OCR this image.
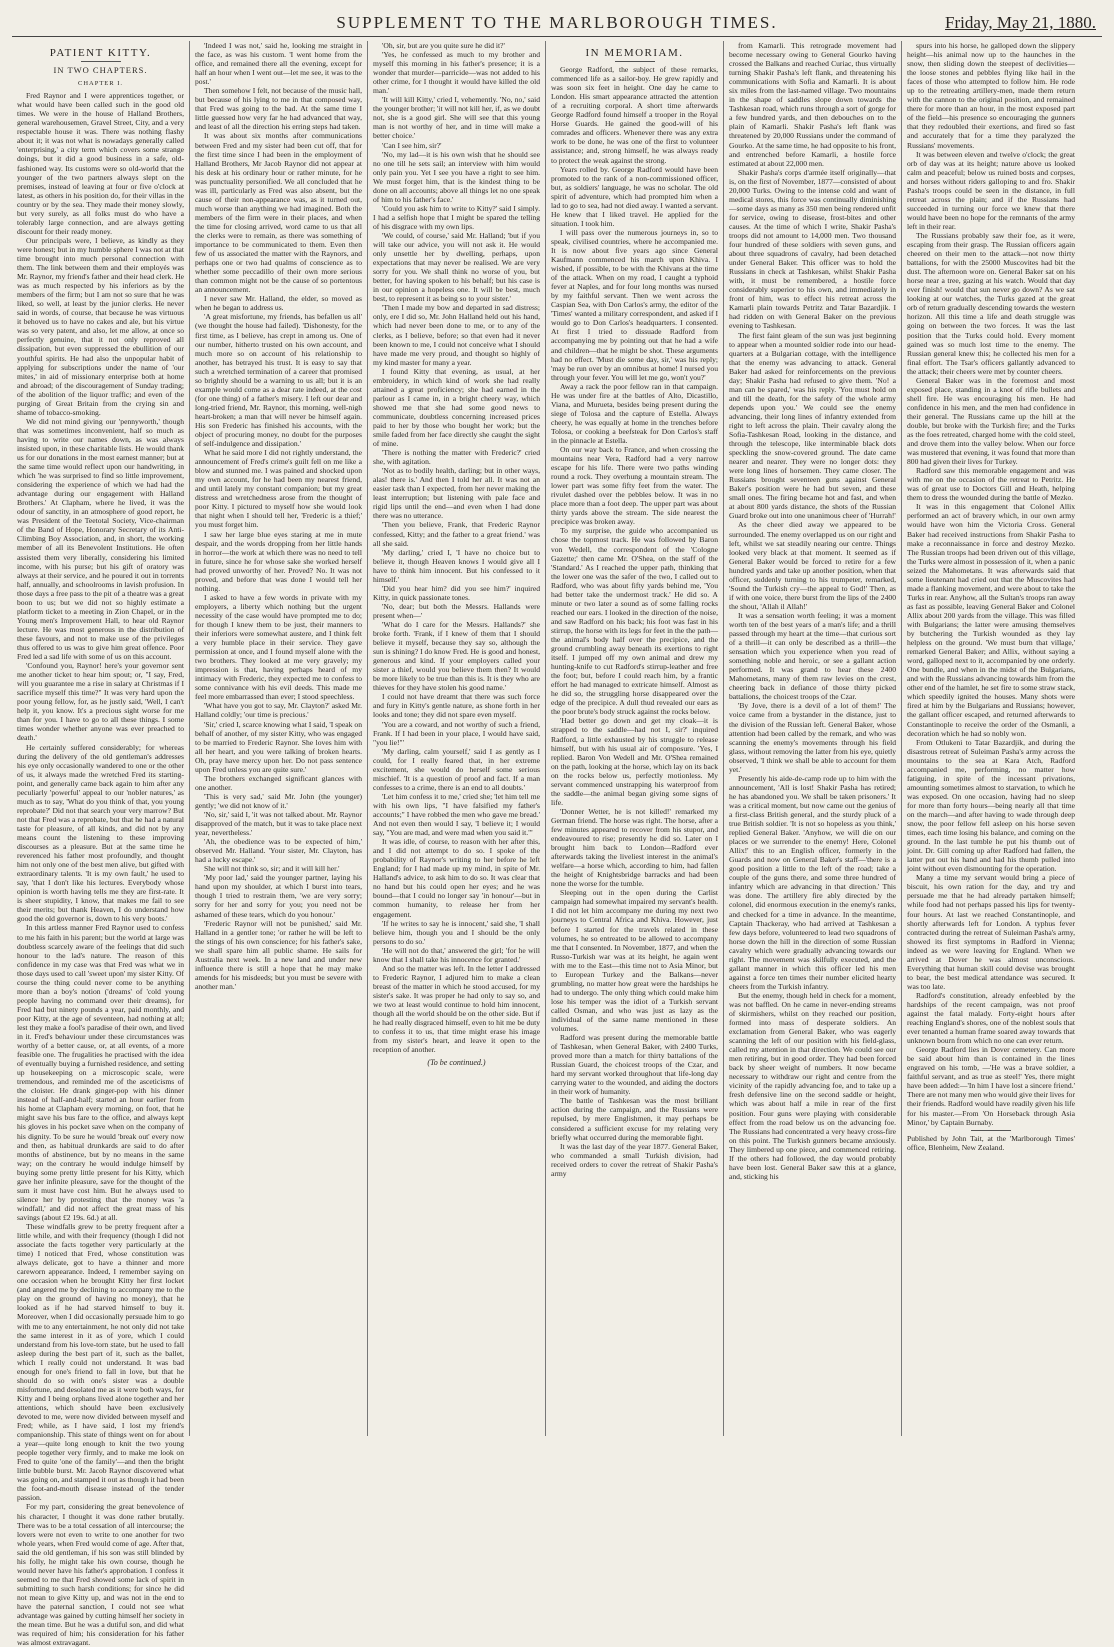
SUPPLEMENT TO THE MARLBOROUGH TIMES.	Friday, May 21, 1880.
PATIENT KITTY.
IN TWO CHAPTERS.
CHAPTER I.

Fred Raynor and I were apprentices together, or what would have been called such in the good old times. We were in the house of Halland Brothers, general warehousemen, Gravel Street, City, and a very respectable house it was. There was nothing flashy about it; it was not what is nowadays generally called 'enterprising,' a city term which covers some strange doings, but it did a good business in a safe, old-fashioned way. Its customs were so old-world that the younger of the two partners always slept on the premises, instead of leaving at four or five o'clock at latest, as others in his position do, for their villas in the country or by the sea. They made their money slowly, but very surely, as all folks must do who have a tolerably large connection, and are always getting discount for their ready money.

Our principals were, I believe, as kindly as they were honest; but in my humble sphere I was not at that time brought into much personal connection with them. The link between them and their employés was Mr. Raynor, my friend's father and their head clerk. He was as much respected by his inferiors as by the members of the firm; but I am not so sure that he was liked, so well, at least by the junior clerks. He never said in words, of course, that because he was virtuous it behoved us to have no cakes and ale, but his virtue was so very patent, and also, let me allow, at once so perfectly genuine, that it not only reproved all dissipation, but even suppressed the ebullition of our youthful spirits. He had also the unpopular habit of applying for subscriptions under the name of 'our mites,' in aid of missionary enterprise both at home and abroad; of the discouragement of Sunday trading; of the abolition of the liquor traffic; and even of the purging of Great Britain from the crying sin and shame of tobacco-smoking.

We did not mind giving our 'pennyworth,' though that was sometimes inconvenient, half so much as having to write our names down, as was always insisted upon, in these charitable lists. He would thank us for our donations in the most earnest manner; but at the same time would reflect upon our handwriting, in which 'he was surprised to find so little improvement, considering the experience of which we had had the advantage during our engagement with Halland Brothers.' At Clapham, where he lived, it was the odour of sanctity, in an atmosphere of good report, he was President of the Teetotal Society, Vice-chairman of the Band of Hope, Honorary Secretary of its Anti-Climbing Boy Association, and, in short, the working member of all its Benevolent Institutions. He often assisted them very liberally, considering his limited income, with his purse; but his gift of oratory was always at their service, and he poured it out in torrents half, annually, and schoolrooms in lavish profusion. In those days a free pass to the pit of a theatre was a great boon to us; but we did not so highly estimate a platform ticket to a meeting in Zion Chapel, or in the Young men's Improvement Hall, to hear old Raynor lecture. He was most generous in the distribution of these favours, and not to make use of the privileges thus offered to us was to give him great offence. Poor Fred led a sad life with some of us on this account.

'Confound you, Raynor! here's your governor sent me another ticket to hear him spout; or, "I say, Fred, will you guarantee me a rise in salary at Christmas if I sacrifice myself this time?" It was very hard upon the poor young fellow, for, as he justly said, 'Well, I can't help it, you know. It's a precious sight worse for me than for you. I have to go to all these things. I some times wonder whether anyone was ever preached to death.'

He certainly suffered considerably; for whereas during the delivery of the old gentleman's addresses his eye only occasionally wandered to one or the other of us, it always made the wretched Fred its starting-point, and generally came back again to him after any peculiarly 'powerful' appeal to our 'nobler natures,' as much as to say, 'What do you think of that, you young reprobate?' Did not that search your very marrow? But not that Fred was a reprobate, but that he had a natural taste for pleasure, of all kinds, and did not by any means count the listening to these improving discourses as a pleasure. But at the same time he reverenced his father most profoundly, and thought him not only one of the best men alive, but gifted with extraordinary talents. 'It is my own fault,' he used to say, 'that I don't like his lectures. Everybody whose opinion is worth having tells me they are first-rate. It is sheer stupidity, I know, that makes me fail to see their merits; but thank Heaven, I do understand how good the old governor is, down to his very boots.'

In this artless manner Fred Raynor used to confess to me his faith in his parent; but the world at large was doubtless scarcely aware of the feelings that did such honour to the lad's nature. The reason of this confidence in my case was that Fred was what we in those days used to call 'sweet upon' my sister Kitty. Of course the thing could never come to be anything more than a boy's notion ('dreams' of 'cold young people having no command over their dreams), for Fred had but ninety pounds a year, paid monthly, and poor Kitty, at the age of seventeen, had nothing at all; lest they make a fool's paradise of their own, and lived in it. Fred's behaviour under these circumstances was worthy of a better cause, or, at all events, of a more feasible one. The frugalities he practised with the idea of eventually buying a furnished residence, and setting up housekeeping on a microscopic scale, were tremendous, and reminded me of the asceticisms of the cloister. He drank ginger-pop with his dinner instead of half-and-half; started an hour earlier from his home at Clapham every morning, on foot, that he might save his bus fare to the office, and always kept his gloves in his pocket save when on the company of his dignity. To be sure he would 'break out' every now and then, as habitual drunkards are said to do after months of abstinence, but by no means in the same way; on the contrary he would indulge himself by buying some pretty little present for his Kitty, which gave her infinite pleasure, save for the thought of the sum it must have cost him. But he always used to silence her by protesting that the money was 'a windfall,' and did not affect the great mass of his savings (about £2 19s. 6d.) at all.

These windfalls grew to be pretty frequent after a little while, and with their frequency (though I did not associate the facts together very particularly at the time) I noticed that Fred, whose constitution was always delicate, got to have a thinner and more careworn appearance. Indeed, I remember saying on one occasion when he brought Kitty her first locket (and angered me by declining to accompany me to the play on the ground of having no money), that he looked as if he had starved himself to buy it. Moreover, when I did occasionally persuade him to go with me to any entertainment, he not only did not take the same interest in it as of yore, which I could understand from his love-torn state, but he used to fall asleep during the best part of it, such as the ballet, which I really could not understand. It was bad enough for one's friend to fall in love, but that he should do so with one's sister was a double misfortune, and desolated me as it were both ways, for Kitty and I being orphans lived alone together and her attentions, which should have been exclusively devoted to me, were now divided between myself and Fred; while, as I have said, I lost my friend's companionship. This state of things went on for about a year—quite long enough to knit the two young people together very firmly, and to make me look on Fred to quite 'one of the family'—and then the bright little bubble burst. Mr. Jacob Raynor discovered what was going on, and stamped it out as though it had been the foot-and-mouth disease instead of the tender passion.

For my part, considering the great benevolence of his character, I thought it was done rather brutally. There was to be a total cessation of all intercourse; the lovers were not even to write to one another for two whole years, when Fred would come of age. After that, said the old gentleman, if his son was still blinded by his folly, he might take his own course, though he would never have his father's approbation. I confess it seemed to me that Fred showed some lack of spirit in submitting to such harsh conditions; for since he did not mean to give Kitty up, and was not in the end to have the paternal sanction, I could not see what advantage was gained by cutting himself her society in the mean time. But he was a dutiful son, and did what was required of him; his consideration for his father was almost extravagant.

'Indeed I was not,' said he, looking me straight in the face, as was his custom. 'I went home from the office, and remained there all the evening, except for half an hour when I went out—let me see, it was to the post.'

Then somehow I felt, not because of the music hall, but because of his lying to me in that composed way, that Fred was going to the bad. At the same time I little guessed how very far he had advanced that way, and least of all the direction his erring steps had taken.

It was about six months after communications between Fred and my sister had been cut off, that for the first time since I had been in the employment of Halland Brothers, Mr Jacob Raynor did not appear at his desk at his ordinary hour or rather minute, for he was punctuality personified. We all concluded that he was ill, particularly as Fred was also absent, but the cause of their non-appearance was, as it turned out, much worse than anything we had imagined. Both the members of the firm were in their places, and when the time for closing arrived, word came to us that all the clerks were to remain, as there was something of importance to be communicated to them. Even then few of us associated the matter with the Raynors, and perhaps one or two had qualms of conscience as to whether some peccadillo of their own more serious than common might not be the cause of so portentous an announcement.

I never saw Mr. Halland, the elder, so moved as when he began to address us.

'A great misfortune, my friends, has befallen us all' (we thought the house had failed). 'Dishonesty, for the first time, as I believe, has crept in among us. One of our number, hitherto trusted on his own account, and much more so on account of his relationship to another, has betrayed his trust. It is easy to say that such a wretched termination of a career that promised so brightly should be a warning to us all; but it is an example would come as a dear rate indeed, at the cost (for one thing) of a father's misery. I left our dear and long-tried friend, Mr. Raynor, this morning, well-nigh heart-broken; a man that will never be himself again. His son Frederic has finished his accounts, with the object of procuring money, no doubt for the purposes of self-indulgence and dissipation.'

What he said more I did not rightly understand, the announcement of Fred's crime's guilt fell on me like a blow and stunned me. I was pained and shocked upon my own account, for he had been my nearest friend, and until lately my constant companion; but my great distress and wretchedness arose from the thought of poor Kitty. I pictured to myself how she would look that night when I should tell her, 'Frederic is a thief;' you must forget him.

I saw her large blue eyes staring at me in mute despair, and the words dropping from her little hands in horror—the work at which there was no need to tell in future, since he for whose sake she worked herself had proved unworthy of her. Proved? No. It was not proved, and before that was done I would tell her nothing.

I asked to have a few words in private with my employers, a liberty which nothing but the urgent necessity of the case would have prompted me to do; for though I knew them to be just, their manners to their inferiors were somewhat austere, and I think felt a very humble place in their service. They gave permission at once, and I found myself alone with the two brothers. They looked at me very gravely; my impression is that, having perhaps heard of my intimacy with Frederic, they expected me to confess to some connivance with his evil deeds. This made me feel more embarrassed than ever; I stood speechless.

'What have you got to say, Mr. Clayton?' asked Mr. Halland coldly; 'our time is precious.'

'Sir,' cried I, scarce knowing what I said, 'I speak on behalf of another, of my sister Kitty, who was engaged to be married to Frederic Raynor. She loves him with all her heart, and you were talking of broken hearts. Oh, pray have mercy upon her. Do not pass sentence upon Fred unless you are quite sure.'

The brothers exchanged significant glances with one another.

'This is very sad,' said Mr. John (the younger) gently; 'we did not know of it.'

'No, sir,' said I, 'it was not talked about. Mr. Raynor disapproved of the match, but it was to take place next year, nevertheless.'

'Ah, the obedience was to be expected of him,' observed Mr. Halland. 'Your sister, Mr. Clayton, has had a lucky escape.'

She will not think so, sir; and it will kill her.'

'My poor lad,' said the younger partner, laying his hand upon my shoulder, at which I burst into tears, though I tried to restrain them, 'we are very sorry; sorry for her and sorry for you; you need not be ashamed of these tears, which do you honour.'

'Frederic Raynor will not be punished,' said Mr. Halland in a gentler tone; 'or rather he will be left to the stings of his own conscience; for his father's sake, we shall spare him all public shame. He sails for Australia next week. In a new land and under new influence there is still a hope that he may make amends for his misdeeds; but you must be severe with another man.'

'Oh, sir, but are you quite sure he did it?'

'Yes, he confessed as much to my brother and myself this morning in his father's presence; it is a wonder that murder—parricide—was not added to his other crime, for I thought it would have killed the old man.'

'It will kill Kitty,' cried I, vehemently. 'No, no,' said the younger brother; 'it will not kill her, if, as we doubt not, she is a good girl. She will see that this young man is not worthy of her, and in time will make a better choice.'

'Can I see him, sir?'

'No, my lad—it is his own wish that he should see no one till he sets sail; an interview with him would only pain you. Yet I see you have a right to see him. We must forget him, that is the kindest thing to be done on all accounts; above all things let no one speak of him to his father's face.'

'Could you ask him to write to Kitty?' said I simply. I had a selfish hope that I might be spared the telling of his disgrace with my own lips.

'We could, of course,' said Mr. Halland; 'but if you will take our advice, you will not ask it. He would only unsettle her by dwelling, perhaps, upon expectations that may never be realised. We are very sorry for you. We shall think no worse of you, but better, for having spoken to his behalf; but his case is in our opinion a hopeless one. It will be best, much best, to represent it as being so to your sister.'

'Then I made my bow and departed in sad distress; only, ere I did so, Mr. John Halland held out his hand, which had never been done to me, or to any of the clerks, as I believe, before; so that even had it never been known to me, I could not conceive what I should have made me very proud, and thought so highly of my kind master for many a year.

I found Kitty that evening, as usual, at her embroidery, in which kind of work she had really attained a great proficiency; she had earned in the parlour as I came in, in a bright cheery way, which showed me that she had some good news to communicate, doubtless concerning increased prices paid to her by those who bought her work; but the smile faded from her face directly she caught the sight of mine.

'There is nothing the matter with Frederic?' cried she, with agitation.

'Not as to bodily health, darling; but in other ways, alas! there is.' And then I told her all. It was not an easier task than I expected, from her never making the least interruption; but listening with pale face and rigid lips until the end—and even when I had done there was no utterance.

'Then you believe, Frank, that Frederic Raynor confessed, Kitty; and the father to a great friend.' was all she said.

'My darling,' cried I, 'I have no choice but to believe it, though Heaven knows I would give all I have to think him innocent. But his confessed to it himself.'

'Did you hear him? did you see him?' inquired Kitty, in quick passionate tones.

'No, dear; but both the Messrs. Hallands were present when—'

'What do I care for the Messrs. Hallands?' she broke forth. 'Frank, if I knew of them that I should believe it myself, because they say so, although the sun is shining? I do know Fred. He is good and honest, generous and kind. If your employers called your sister a thief, would you believe them then? It would be more likely to be true than this is. It is they who are thieves for they have stolen his good name.'

I could not have dreamt that there was such force and fury in Kitty's gentle nature, as shone forth in her looks and tone; they did not spare even myself.

'You are a coward, and not worthy of such a friend, Frank. If I had been in your place, I would have said, "you lie!"'

'My darling, calm yourself,' said I as gently as I could, for I really feared that, in her extreme excitement, she would do herself some serious mischief. 'It is a question of proof and fact. If a man confesses to a crime, there is an end to all doubts.'

'Let him confess it to me,' cried she; 'let him tell me with his own lips, "I have falsified my father's accounts;" I have robbed the men who gave me bread.' And not even then would I say, 'I believe it; I would say, "You are mad, and were mad when you said it."'

It was idle, of course, to reason with her after this, and I did not attempt to do so. I spoke of the probability of Raynor's writing to her before he left England; for I had made up my mind, in spite of Mr. Halland's advice, to ask him to do so. It was clear that no hand but his could open her eyes; and he was bound—that I could no longer say 'in honour'—but in common humanity, to release her from her engagement.

'If he writes to say he is innocent,' said she, 'I shall believe him, though you and I should be the only persons to do so.'

'He will not do that,' answered the girl; 'for he will know that I shall take his innocence for granted.'

And so the matter was left. In the letter I addressed to Frederic Raynor, I adjured him to make a clean breast of the matter in which he stood accused, for my sister's sake. It was proper he had only to say so, and we two at least would continue to hold him innocent, though all the world should be on the other side. But if he had really disgraced himself, even to hit me be duty to confess it to us, that time might erase his image from my sister's heart, and leave it open to the reception of another.

(To be continued.)
IN MEMORIAM.

George Radford, the subject of these remarks, commenced life as a sailor-boy. He grew rapidly and was soon six feet in height. One day he came to London. His smart appearance attracted the attention of a recruiting corporal. A short time afterwards George Radford found himself a trooper in the Royal Horse Guards. He gained the good-will of his comrades and officers. Whenever there was any extra work to be done, he was one of the first to volunteer assistance; and, strong himself, he was always ready to protect the weak against the strong.

Years rolled by. George Radford would have been promoted to the rank of a non-commissioned officer, but, as soldiers' language, he was no scholar. The old spirit of adventure, which had prompted him when a lad to go to sea, had not died away. I wanted a servant. He knew that I liked travel. He applied for the situation. I took him.

I will pass over the numerous journeys in, so to speak, civilised countries, where he accompanied me. It is now about five years ago since General Kaufmann commenced his march upon Khiva. I wished, if possible, to be with the Khivans at the time of the attack. When on my road, I caught a typhoid fever at Naples, and for four long months was nursed by my faithful servant. Then we went across the Caspian Sea, with Don Carlos's army, the editor of the 'Times' wanted a military correspondent, and asked if I would go to Don Carlos's headquarters. I consented. At first I tried to dissuade Radford from accompanying me by pointing out that he had a wife and children—that he might be shot. These arguments had no effect. 'Must die some day, sir,' was his reply; 'may be run over by an omnibus at home! I nursed you through your fever. You will let me go, won't you?'

Away a rack the poor fellow ran in that campaign. He was under fire at the battles of Alto, Dicastillo, Viana, and Murueta, besides being present during the siege of Tolosa and the capture of Estella. Always cheery, he was equally at home in the trenches before Tolosa, or cooking a beefsteak for Don Carlos's staff in the pinnacle at Estella.

On our way back to France, and when crossing the mountains near Vera, Radford had a very narrow escape for his life. There were two paths winding round a rock. They overhung a mountain stream. The lower part was some fifty feet from the water. The rivulet dashed over the pebbles below. It was in no place more than a foot deep. The upper part was about thirty yards above the stream. The side nearest the precipice was broken away.

To my surprise, the guide who accompanied us chose the topmost track. He was followed by Baron von Wedell, the correspondent of the 'Cologne Gazette;' then came Mr. O'Shea, on the staff of the 'Standard.' As I reached the upper path, thinking that the lower one was the safer of the two, I called out to Radford, who was about fifty yards behind me, 'You had better take the undermost track.' He did so. A minute or two later a sound as of some falling rocks reached our ears. I looked in the direction of the noise, and saw Radford on his back; his foot was fast in his stirrup, the horse with its legs for feet in the the path—the animal's body half over the precipice, and the ground crumbling away beneath its exertions to right itself. I jumped off my own animal and drew my hunting-knife to cut Radford's stirrup-leather and free the foot; but, before I could reach him, by a frantic effort he had managed to extricate himself. Almost as he did so, the struggling horse disappeared over the edge of the precipice. A dull thud revealed our ears as the poor brute's body struck against the rocks below.

'Had better go down and get my cloak—it is strapped to the saddle—had not I, sir?' inquired Radford, a little exhausted by his struggle to release himself, but with his usual air of composure. 'Yes, I replied. Baron Von Wedell and Mr. O'Shea remained on the path, looking at the horse, which lay on its back on the rocks below us, perfectly motionless. My servant commenced unstrapping his waterproof from the saddle—the animal began giving some signs of life.

'Donner Wetter, he is not killed!' remarked my German friend. The horse was right. The horse, after a few minutes appeared to recover from his stupor, and endeavoured to rise; presently he did so. Later on I brought him back to London—Radford ever afterwards taking the liveliest interest in the animal's welfare—a horse which, according to him, had fallen the height of Knightsbridge barracks and had been none the worse for the tumble.

Sleeping out in the open during the Carlist campaign had somewhat impaired my servant's health. I did not let him accompany me during my next two journeys to Central Africa and Khiva. However, just before I started for the travels related in these volumes, he so entreated to be allowed to accompany me that I consented. In November, 1877, and when the Russo-Turkish war was at its height, he again went with me to the East—this time not to Asia Minor, but to European Turkey and the Balkans—never grumbling, no matter how great were the hardships he had to undergo. The only thing which could make him lose his temper was the idiot of a Turkish servant called Osman, and who was just as lazy as the individual of the same name mentioned in these volumes.

Radford was present during the memorable battle of Tashkesan, when General Baker, with 2400 Turks, proved more than a match for thirty battalions of the Russian Guard, the choicest troops of the Czar, and hard my servant worked throughout that life-long day carrying water to the wounded, and aiding the doctors in their work of humanity.

The battle of Tashkesan was the most brilliant action during the campaign, and the Russians were repulsed, by mere Englishmen, it may perhaps be considered a sufficient excuse for my relating very briefly what occurred during the memorable fight.

It was the last day of the year 1877. General Baker, who commanded a small Turkish division, had received orders to cover the retreat of Shakir Pasha's army

from Kamarli. This retrograde movement had become necessary owing to General Gourko having crossed the Balkans and reached Curiac, thus virtually turning Shakir Pasha's left flank, and threatening his communications with Sofia and Kamarli. It is about six miles from the last-named village. Two mountains in the shape of saddles slope down towards the Tashkesan road, which runs through a sort of gorge for a few hundred yards, and then debouches on to the plain of Kamarli. Shakir Pasha's left flank was threatened by 20,000 Russians under the command of Gourko. At the same time, he had opposite to his front, and entrenched before Kamarli, a hostile force estimated at about 22,000 men.

Shakir Pasha's corps d'armée itself originally—that is, on the first of November, 1877—consisted of about 20,000 Turks. Owing to the intense cold and want of medical stores, this force was continually diminishing—some days as many as 350 men being rendered unfit for service, owing to disease, frost-bites and other causes. At the time of which I write, Shakir Pasha's troops did not amount to 14,000 men. Two thousand four hundred of these soldiers with seven guns, and about three squadrons of cavalry, had been detached under General Baker. This officer was to hold the Russians in check at Tashkesan, whilst Shakir Pasha with, it must be remembered, a hostile force considerably superior to his own, and immediately in front of him, was to effect his retreat across the Kamarli plain towards Petritz and Tatar Bazardjik. I had ridden on with General Baker on the previous evening to Tashkesan.

The first faint gleam of the sun was just beginning to appear when a mounted soldier rode into our head-quarters at a Bulgarian cottage, with the intelligence that the enemy was advancing to attack. General Baker had asked for reinforcements on the previous day; Shakir Pasha had refused to give them. 'No! a man can be spared,' was his reply. 'You must hold on and till the death, for the safety of the whole army depends upon you.' We could see the enemy advancing, their long lines of infantry extended from right to left across the plain. Their cavalry along the Sofia-Tashkesan Road, looking in the distance, and through the telescope, like interminable black dots speckling the snow-covered ground. The date came nearer and nearer. They were no longer dots: they were long lines of horsemen. They came closer. The Russians brought seventeen guns against General Baker's position were he had but seven, and these small ones. The firing became hot and fast, and when at about 800 yards distance, the shots of the Russian Guard broke out into one unanimous cheer of 'Hurrah!'

As the cheer died away we appeared to be surrounded. The enemy overlapped us on our right and left, whilst we sat steadily nearing our centre. Things looked very black at that moment. It seemed as if General Baker would be forced to retire for a few hundred yards and take up another position, when that officer, suddenly turning to his trumpeter, remarked, 'Sound the Turkish cry—the appeal to God!' Then, as if with one voice, there burst from the lips of the 2400 the shout, 'Allah il Allah!'

It was a sensation worth feeling; it was a moment worth ten of the best years of a man's life; and a thrill passed through my heart at the time—that curious sort of a thrill—it can only be described as a thrill—the sensation which you experience when you read of something noble and heroic, or see a gallant action performed. It was grand to hear these 2400 Mahometans, many of them raw levies on the crest, cheering back in defiance of those thirty picked battalions, the choicest troops of the Czar.

'By Jove, there is a devil of a lot of them!' The voice came from a bystander in the distance, just to the division of the Russian left. General Baker, whose attention had been called by the remark, and who was scanning the enemy's movements through his field glass, without removing the latter from his eye, quietly observed, 'I think we shall be able to account for them yet.'

Presently his aide-de-camp rode up to him with the announcement, 'All is lost! Shakir Pasha has retired; he has abandoned you. We shall be taken prisoners.' It was a critical moment, but now came out the genius of a first-class British general, and the sturdy pluck of a true British soldier. 'It is not so hopeless as you think,' replied General Baker. 'Anyhow, we will die on our places or we surrender to the enemy! Here, Colonel Allix!' this to an English officer, formerly in the Guards and now on General Baker's staff—'there is a good position a little to the left of the road; take a couple of the guns there, and some three hundred of infantry which are advancing in that direction.' This was done. The artillery fire ably directed by the colonel, did enormous execution in the enemy's ranks, and checked for a time in advance. In the meantime, Captain Thackeray, who had arrived at Tashkesan a few days before, volunteered to lead two squadrons of horse down the hill in the direction of some Russian cavalry which were gradually advancing towards our right. The movement was skilfully executed, and the gallant manner in which this officer led his men against a force ten times their number elicited hearty cheers from the Turkish infantry.

But the enemy, though held in check for a moment, was not baffled. On he came in never-ending streams of skirmishers, whilst on they reached our position, formed into mass of desperate soldiers. An exclamation from General Baker, who was eagerly scanning the left of our position with his field-glass, called my attention in that direction. We could see our men retiring, but in good order. They had been forced back by sheer weight of numbers. It now became necessary to withdraw our right and centre from the vicinity of the rapidly advancing foe, and to take up a fresh defensive line on the second saddle or height, which was about half a mile in rear of the first position. Four guns were playing with considerable effect from the road below us on the advancing foe. The Russians had concentrated a very heavy cross-fire on this point. The Turkish gunners became anxiously. They limbered up one piece, and commenced retiring. If the others had followed, the day would probably have been lost. General Baker saw this at a glance, and, sticking his

spurs into his horse, he galloped down the slippery height—his animal now up to the haunches in the snow, then sliding down the steepest of declivities—the loose stones and pebbles flying like hail in the faces of those who attempted to follow him. He rode up to the retreating artillery-men, made them return with the cannon to the original position, and remained there for more than an hour, in the most exposed part of the field—his presence so encouraging the gunners that they redoubled their exertions, and fired so fast and accurately that for a time they paralyzed the Russians' movements.

It was between eleven and twelve o'clock; the great orb of day was at its height; nature above us looked calm and peaceful; below us ruined bosts and corpses, and horses without riders galloping to and fro. Shakir Pasha's troops could be seen in the distance, in full retreat across the plain; and if the Russians had succeeded in turning our force we knew that there would have been no hope for the remnants of the army left in their rear.

The Russians probably saw their foe, as it were, escaping from their grasp. The Russian officers again cheered on their men to the attack—not now thirty battalions, for with the 25000 Muscovites had bit the dust. The afternoon wore on. General Baker sat on his horse near a tree, gazing at his watch. Would that day ever finish! would that sun never go down? As we sat looking at our watches, the Turks gazed at the great orb of return gradually descending towards the western horizon. All this time a life and death struggle was going on between the two forces. It was the last position that the Turks could hold. Every moment gained was so much lost time to the enemy. The Russian general knew this; he collected his men for a final effort. The Tsar's officers gallantly advanced to the attack; their cheers were met by counter cheers.

General Baker was in the foremost and most exposed place, standing in a knot of rifle bullets and shell fire. He was encouraging his men. He had confidence in his men, and the men had confidence in their general. The Russians came up the hill at the double, but broke with the Turkish fire; and the Turks as the foes retreated, charged home with the cold steel, and drove them into the valley below. When our force was mustered that evening, it was found that more than 800 had given their lives for Turkey.

Radford saw this memorable engagement and was with me on the occasion of the retreat to Petritz. He was of great use to Doctors Gill and Heath, helping them to dress the wounded during the battle of Mezko.

It was in this engagement that Colonel Allix performed an act of bravery which, in our own army would have won him the Victoria Cross. General Baker had received instructions from Shakir Pasha to make a reconnaissance in force and destroy Mezko. The Russian troops had been driven out of this village, the Turks were almost in possession of it, when a panic seized the Mahometans. It was afterwards said that some lieutenant had cried out that the Muscovites had made a flanking movement, and were about to take the Turks in rear. Anyhow, all the Sultan's troops ran away as fast as possible, leaving General Baker and Colonel Allix about 200 yards from the village. This was filled with Bulgarians; the latter were amusing themselves by butchering the Turkish wounded as they lay helpless on the ground. 'We must burn that village,' remarked General Baker; and Allix, without saying a word, galloped next to it, accompanied by one orderly. One bundle, and when in the midst of the Bulgarians, and with the Russians advancing towards him from the other end of the hamlet, he set fire to some straw stack, which speedily ignited the houses. Many shots were fired at him by the Bulgarians and Russians; however, the gallant officer escaped, and returned afterwards to Constantinople to receive the order of the Osmanli, a decoration which he had so nobly won.

From Otlukeni to Tatar Bazardjik, and during the disastrous retreat of Suleiman Pasha's army across the mountains to the sea at Kara Atch, Radford accompanied me, performing, no matter how fatiguing, in spite of the incessant privations, amounting sometimes almost to starvation, to which he was exposed. On one occasion, having had no sleep for more than forty hours—being nearly all that time on the march—and after having to wade through deep snow, the poor fellow fell asleep on his horse seven times, each time losing his balance, and coming on the ground. In the last tumble he put his thumb out of joint. Dr. Gill coming up after Radford had fallen, the latter put out his hand and had his thumb pulled into joint without even dismounting for the operation.

Many a time my servant would bring a piece of biscuit, his own ration for the day, and try and persuade me that he had already partaken himself; while food had not perhaps passed his lips for twenty-four hours. At last we reached Constantinople, and shortly afterwards left for London. A typhus fever contracted during the retreat of Suleiman Pasha's army, showed its first symptoms in Radford in Vienna; indeed as we were leaving for England. When we arrived at Dover he was almost unconscious. Everything that human skill could devise was brought to bear, the best medical attendance was secured. It was too late.

Radford's constitution, already enfeebled by the hardships of the recent campaign, was not proof against the fatal malady. Forty-eight hours after reaching England's shores, one of the noblest souls that ever tenanted a human frame soared away towards that unknown bourn from which no one can ever return.

George Radford lies in Dover cemetery. Can more be said about him than is contained in the lines engraved on his tomb, —'He was a brave soldier, a faithful servant, and as true as steel!' Yes, there might have been added:—'In him I have lost a sincere friend.' There are not many men who would give their lives for their friends. Radford would have readily given his life for his master.—From 'On Horseback through Asia Minor,' by Captain Burnaby.

Published by John Tait, at the 'Marlborough Times' office, Blenheim, New Zealand.
